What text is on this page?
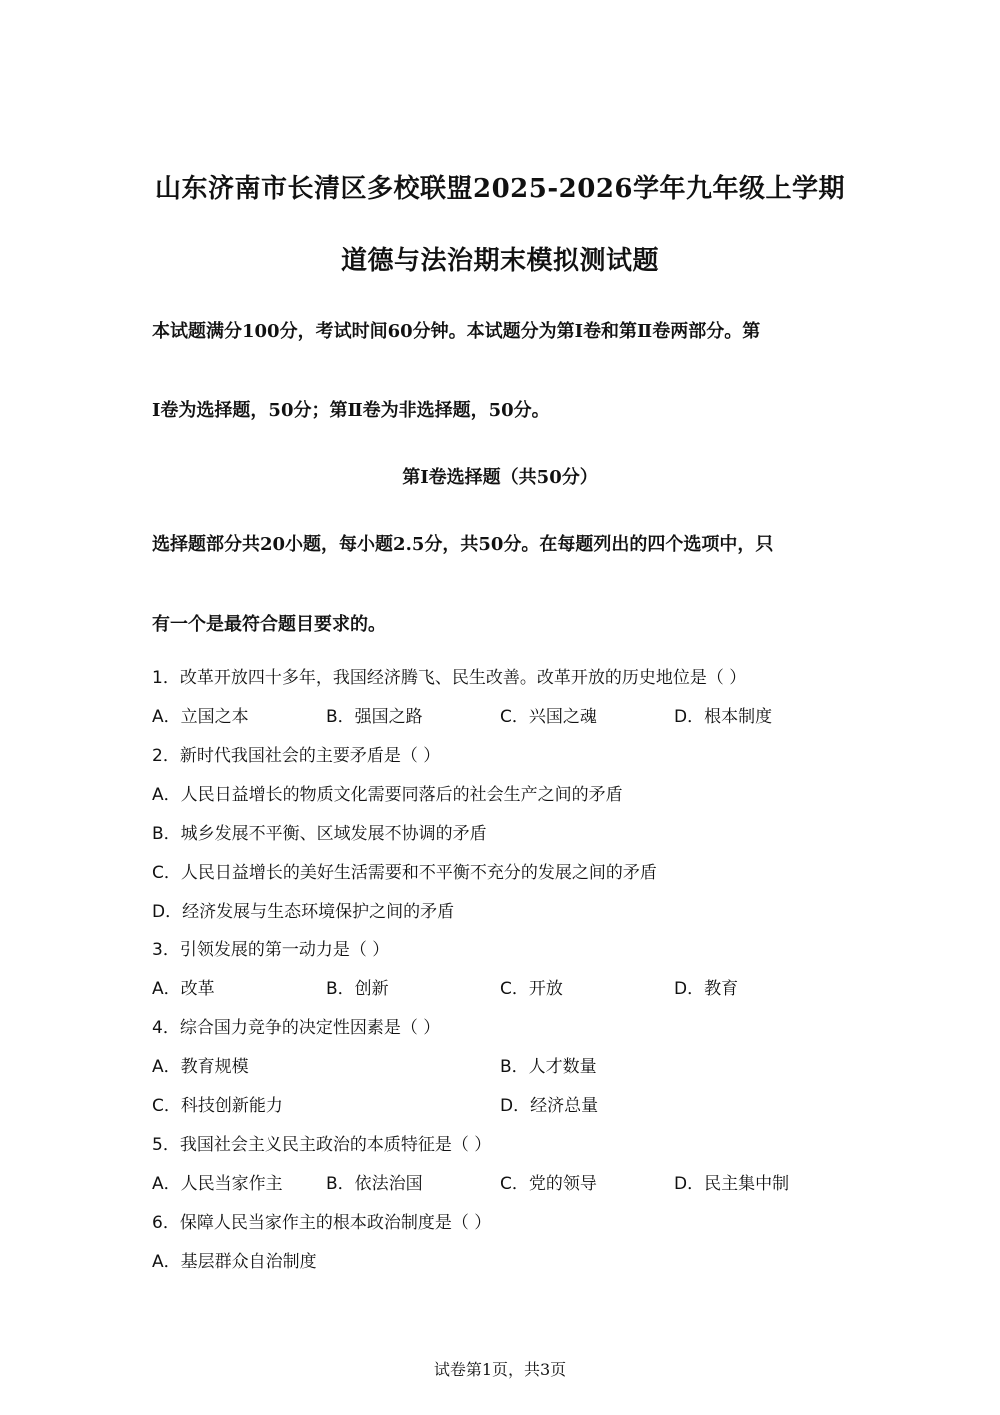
山东济南市长清区多校联盟2025-2026学年九年级上学期
道德与法治期末模拟测试题
本试题满分100分，考试时间60分钟。本试题分为第Ⅰ卷和第Ⅱ卷两部分。第
Ⅰ卷为选择题，50分；第Ⅱ卷为非选择题，50分。
第Ⅰ卷选择题（共50分）
选择题部分共20小题，每小题2.5分，共50分。在每题列出的四个选项中，只
有一个是最符合题目要求的。
1．改革开放四十多年，我国经济腾飞、民生改善。改革开放的历史地位是（ ）
A．立国之本	B．强国之路	C．兴国之魂	D．根本制度
2．新时代我国社会的主要矛盾是（ ）
A．人民日益增长的物质文化需要同落后的社会生产之间的矛盾
B．城乡发展不平衡、区域发展不协调的矛盾
C．人民日益增长的美好生活需要和不平衡不充分的发展之间的矛盾
D．经济发展与生态环境保护之间的矛盾
3．引领发展的第一动力是（ ）
A．改革	B．创新	C．开放	D．教育
4．综合国力竞争的决定性因素是（ ）
A．教育规模	B．人才数量
C．科技创新能力	D．经济总量
5．我国社会主义民主政治的本质特征是（ ）
A．人民当家作主	B．依法治国	C．党的领导	D．民主集中制
6．保障人民当家作主的根本政治制度是（ ）
A．基层群众自治制度
试卷第1页，共3页
